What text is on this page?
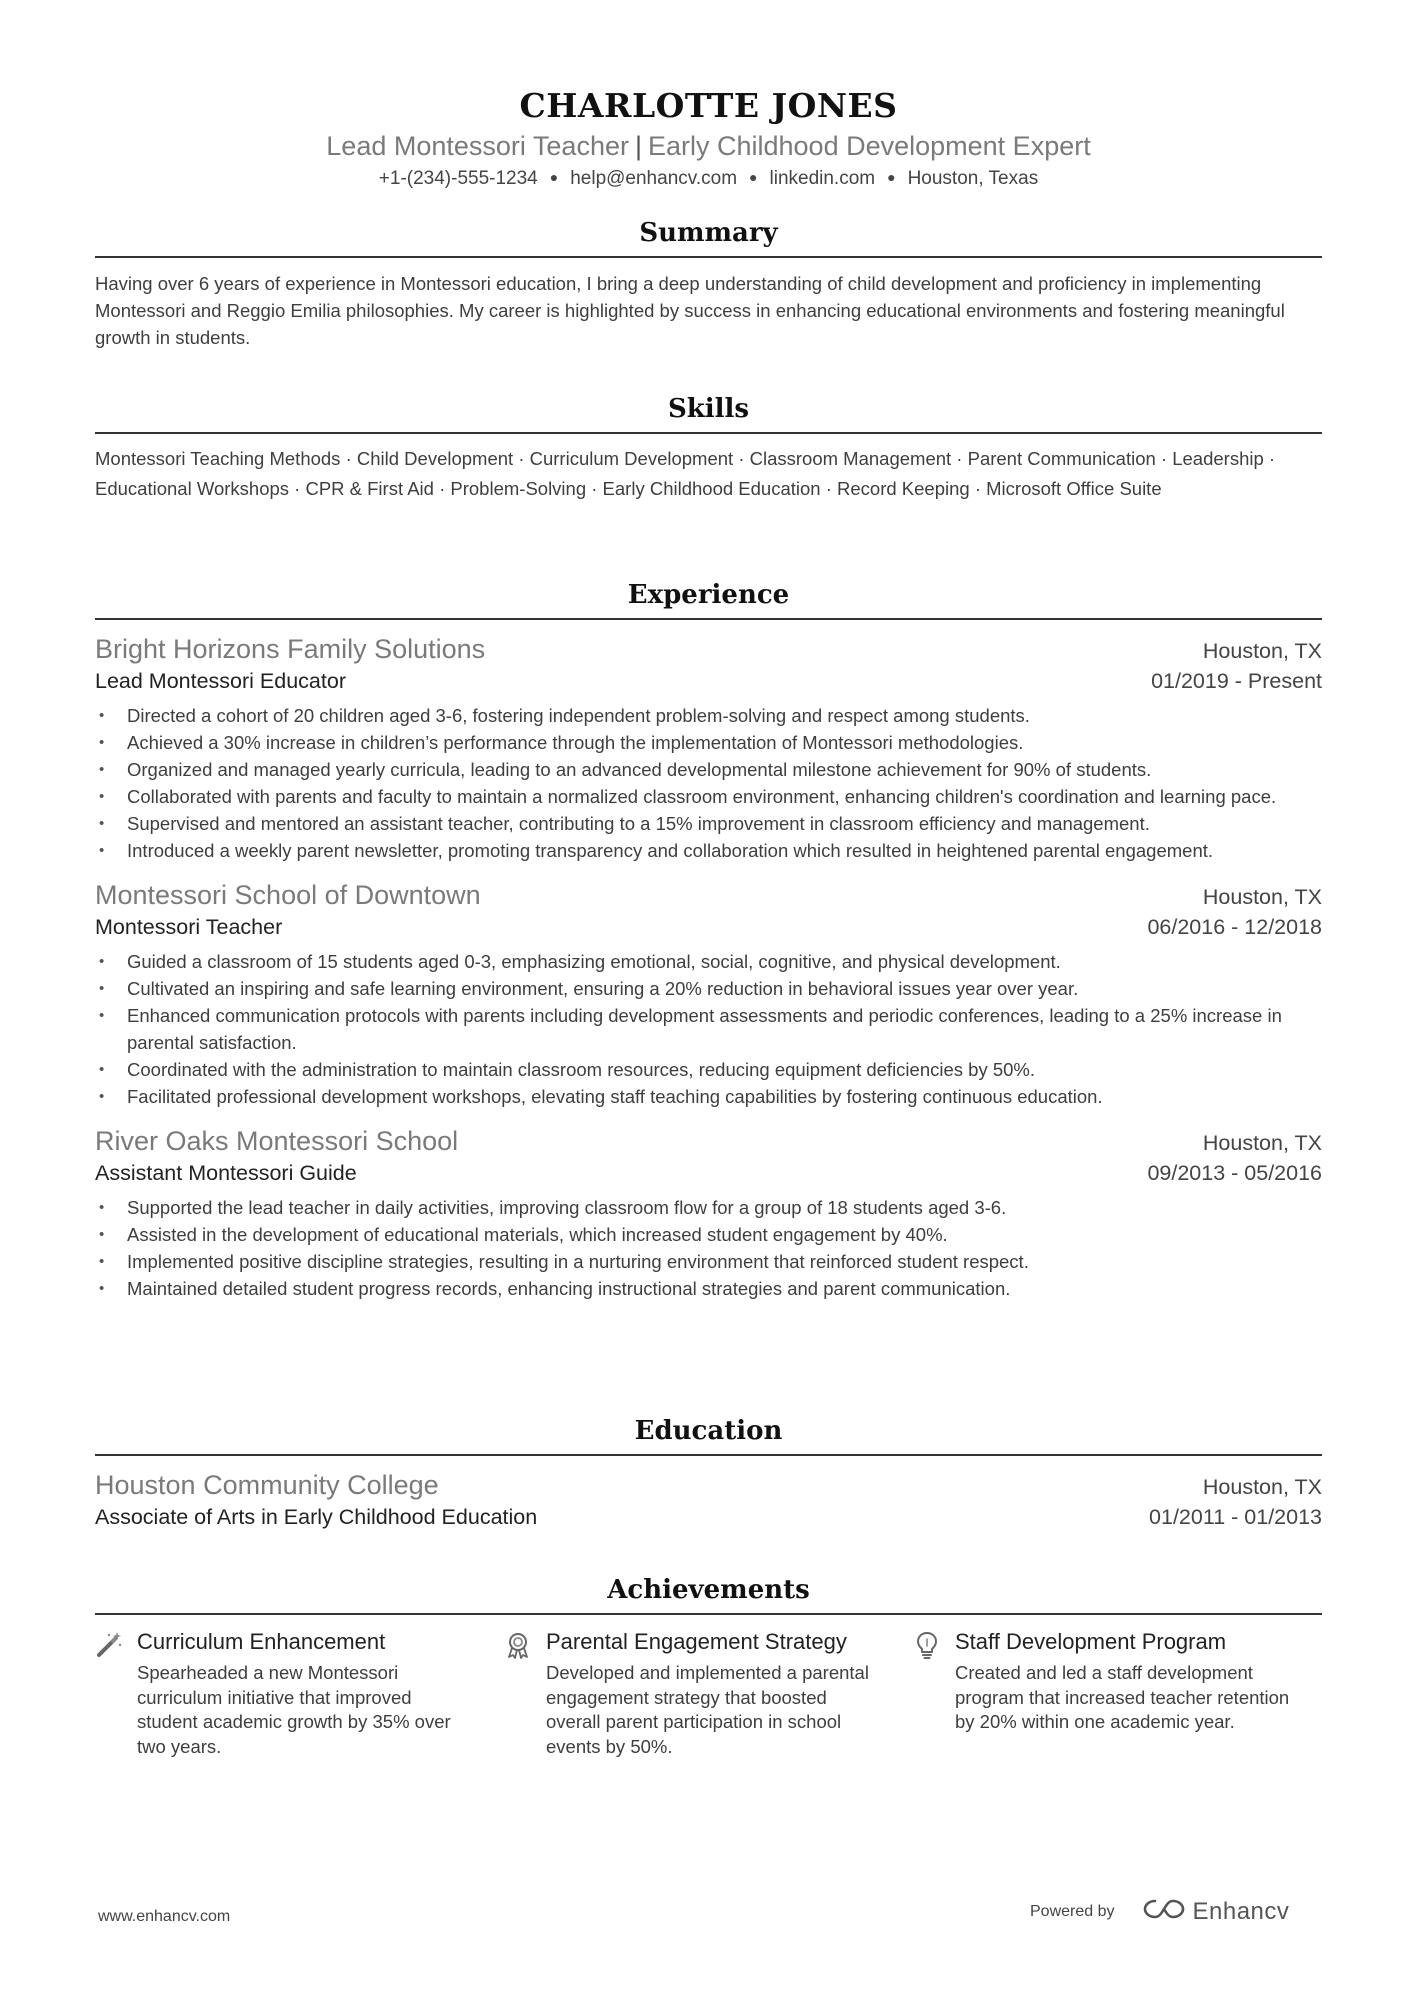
CHARLOTTE JONES
Lead Montessori Teacher | Early Childhood Development Expert
+1-(234)-555-1234 ● help@enhancv.com ● linkedin.com ● Houston, Texas
Summary
Having over 6 years of experience in Montessori education, I bring a deep understanding of child development and proficiency in implementing Montessori and Reggio Emilia philosophies. My career is highlighted by success in enhancing educational environments and fostering meaningful growth in students.
Skills
Montessori Teaching Methods · Child Development · Curriculum Development · Classroom Management · Parent Communication · Leadership · Educational Workshops · CPR & First Aid · Problem-Solving · Early Childhood Education · Record Keeping · Microsoft Office Suite
Experience
Bright Horizons Family Solutions	Houston, TX
Lead Montessori Educator	01/2019 - Present
• Directed a cohort of 20 children aged 3-6, fostering independent problem-solving and respect among students.
• Achieved a 30% increase in children’s performance through the implementation of Montessori methodologies.
• Organized and managed yearly curricula, leading to an advanced developmental milestone achievement for 90% of students.
• Collaborated with parents and faculty to maintain a normalized classroom environment, enhancing children's coordination and learning pace.
• Supervised and mentored an assistant teacher, contributing to a 15% improvement in classroom efficiency and management.
• Introduced a weekly parent newsletter, promoting transparency and collaboration which resulted in heightened parental engagement.
Montessori School of Downtown	Houston, TX
Montessori Teacher	06/2016 - 12/2018
• Guided a classroom of 15 students aged 0-3, emphasizing emotional, social, cognitive, and physical development.
• Cultivated an inspiring and safe learning environment, ensuring a 20% reduction in behavioral issues year over year.
• Enhanced communication protocols with parents including development assessments and periodic conferences, leading to a 25% increase in parental satisfaction.
• Coordinated with the administration to maintain classroom resources, reducing equipment deficiencies by 50%.
• Facilitated professional development workshops, elevating staff teaching capabilities by fostering continuous education.
River Oaks Montessori School	Houston, TX
Assistant Montessori Guide	09/2013 - 05/2016
• Supported the lead teacher in daily activities, improving classroom flow for a group of 18 students aged 3-6.
• Assisted in the development of educational materials, which increased student engagement by 40%.
• Implemented positive discipline strategies, resulting in a nurturing environment that reinforced student respect.
• Maintained detailed student progress records, enhancing instructional strategies and parent communication.
Education
Houston Community College	Houston, TX
Associate of Arts in Early Childhood Education	01/2011 - 01/2013
Achievements
Curriculum Enhancement
Spearheaded a new Montessori curriculum initiative that improved student academic growth by 35% over two years.
Parental Engagement Strategy
Developed and implemented a parental engagement strategy that boosted overall parent participation in school events by 50%.
Staff Development Program
Created and led a staff development program that increased teacher retention by 20% within one academic year.
www.enhancv.com	Powered by	Enhancv
